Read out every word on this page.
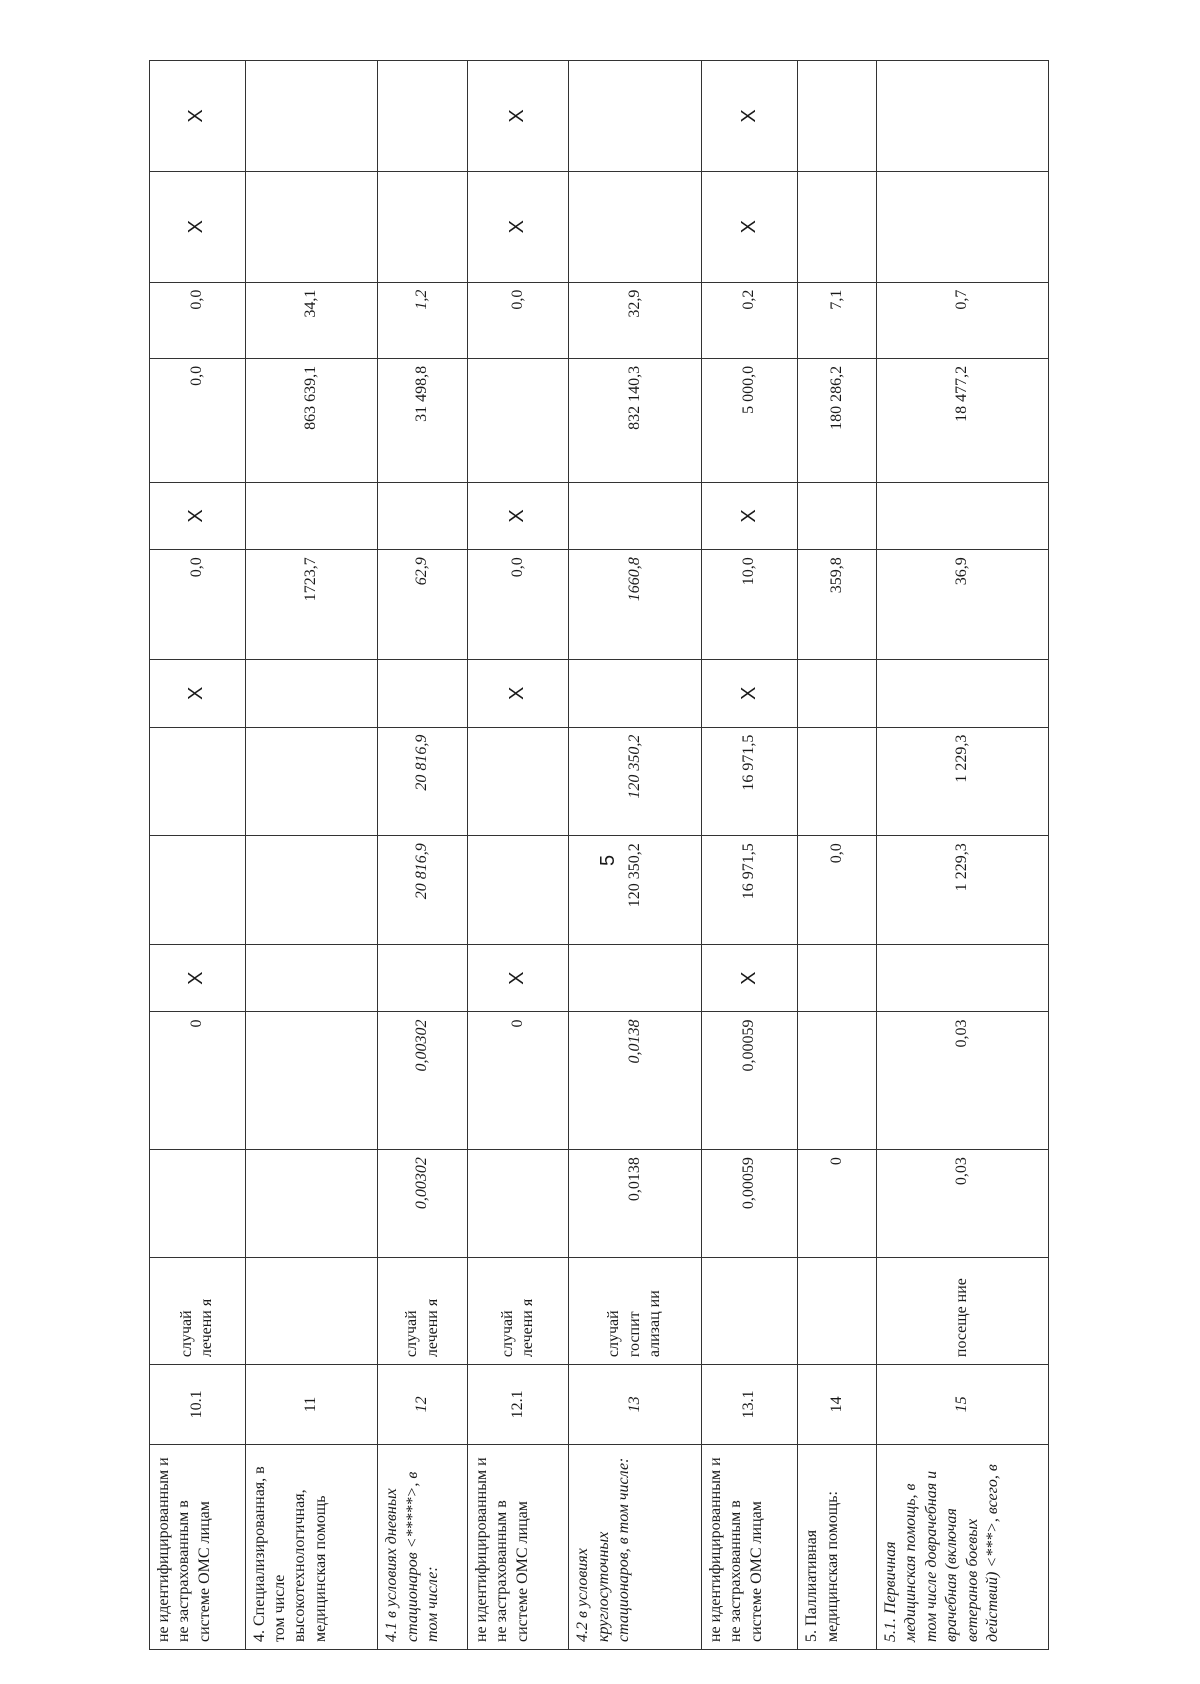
5
не идентифицированным и не застрахованным в системе ОМС лицам	10.1	случай лечени я		0	X			X	0,0	X	0,0	0,0	X	X
4. Специализированная, в том числе высокотехнологичная, медицинская помощь	11								1723,7		863 639,1	34,1		
4.1 в условиях дневных стационаров <*****>, в том числе:	12	случай лечени я	0,00302	0,00302		20 816,9	20 816,9		62,9		31 498,8	1,2		
не идентифицированным и не застрахованным в системе ОМС лицам	12.1	случай лечени я		0	X			X	0,0	X		0,0	X	X
4.2 в условиях круглосуточных стационаров, в том числе:	13	случай госпит ализац ии	0,0138	0,0138		120 350,2	120 350,2		1660,8		832 140,3	32,9		
не идентифицированным и не застрахованным в системе ОМС лицам	13.1		0,00059	0,00059	X	16 971,5	16 971,5	X	10,0	X	5 000,0	0,2	X	X
5. Паллиативная медицинская помощь:	14		0			0,0			359,8		180 286,2	7,1		
5.1. Первичная медицинская помощь, в том числе доврачебная и врачебная (включая ветеранов боевых действий) <***>, всего, в	15	посеще ние	0,03	0,03		1 229,3	1 229,3		36,9		18 477,2	0,7		
